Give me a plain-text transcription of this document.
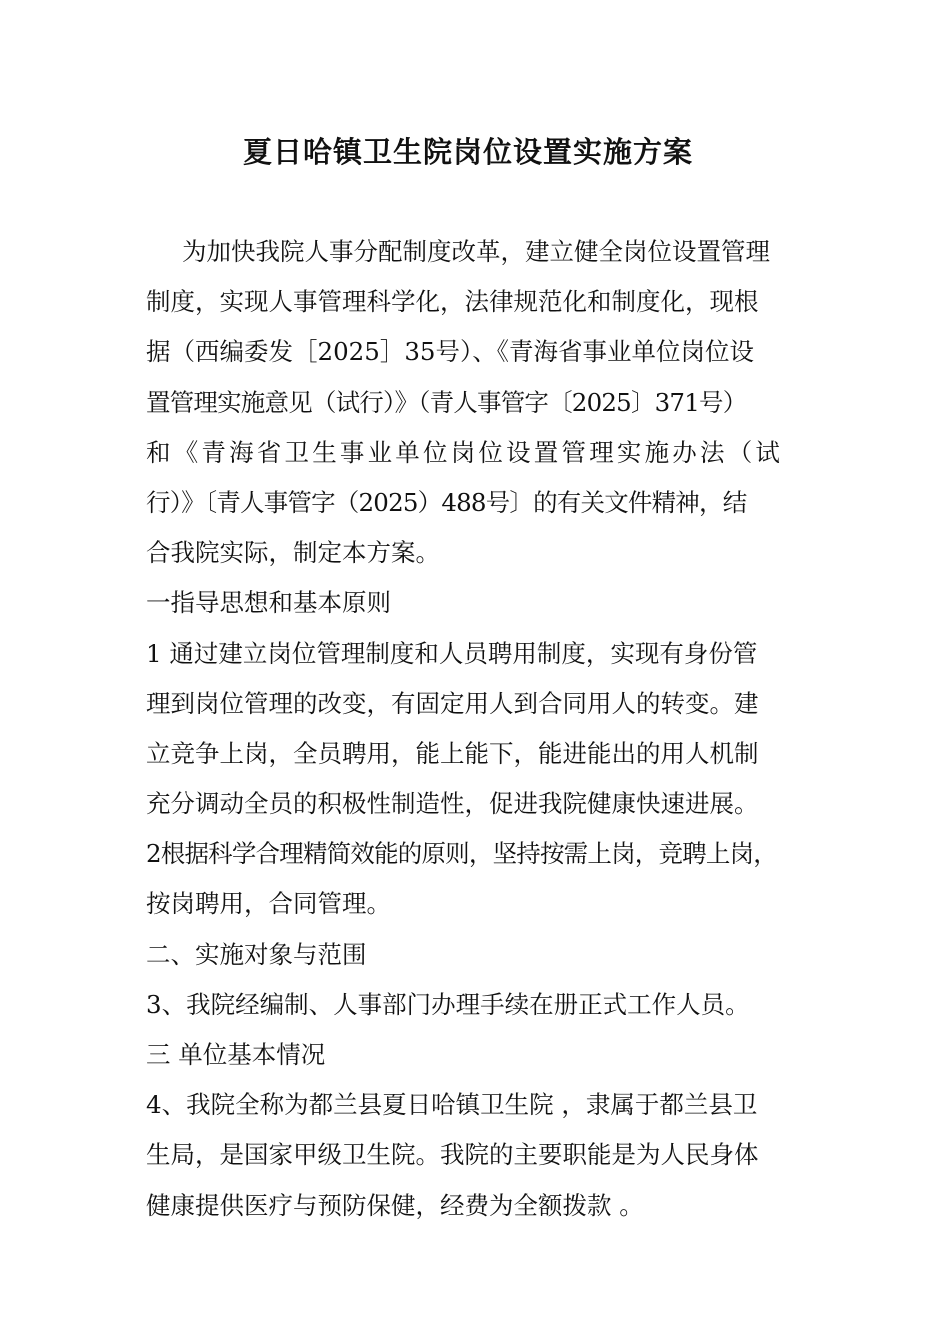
夏日哈镇卫生院岗位设置实施方案
为加快我院人事分配制度改革，建立健全岗位设置管理
制度，实现人事管理科学化，法律规范化和制度化，现根
据（西编委发［2025］35号）、《青海省事业单位岗位设
置管理实施意见（试行）》（青人事管字〔2025〕371号）
和《青海省卫生事业单位岗位设置管理实施办法（试
行）》〔青人事管字（2025）488号〕的有关文件精神，结
合我院实际，制定本方案。
一指导思想和基本原则
1 通过建立岗位管理制度和人员聘用制度，实现有身份管
理到岗位管理的改变，有固定用人到合同用人的转变。建
立竞争上岗，全员聘用，能上能下，能进能出的用人机制
充分调动全员的积极性制造性，促进我院健康快速进展。
2根据科学合理精简效能的原则，坚持按需上岗，竞聘上岗，
按岗聘用，合同管理。
二、实施对象与范围
3、我院经编制、人事部门办理手续在册正式工作人员。
三 单位基本情况
4、我院全称为都兰县夏日哈镇卫生院 ，隶属于都兰县卫
生局，是国家甲级卫生院。我院的主要职能是为人民身体
健康提供医疗与预防保健，经费为全额拨款 。
